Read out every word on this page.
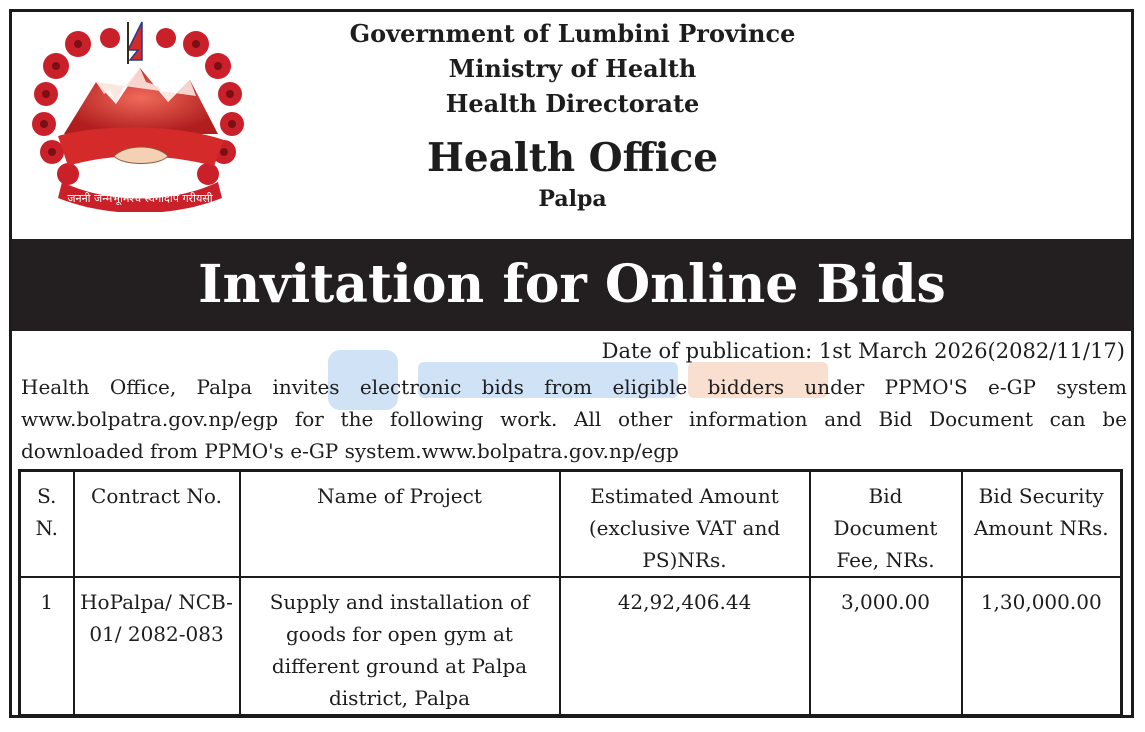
जननी जन्मभूमिश्च स्वर्गादपि गरीयसी
Government of Lumbini Province
Ministry of Health
Health Directorate
Health Office
Palpa
Invitation for Online Bids
Date of publication: 1st March 2026(2082/11/17)
Health Office, Palpa invites electronic bids from eligible bidders under PPMO'S e-GP system
www.bolpatra.gov.np/egp for the following work. All other information and Bid Document can be
downloaded from PPMO's e-GP system.www.bolpatra.gov.np/egp
S. N.	Contract No.	Name of Project	Estimated Amount (exclusive VAT and PS)NRs.	Bid Document Fee, NRs.	Bid Security Amount NRs.
1	HoPalpa/ NCB-01/ 2082-083	Supply and installation of goods for open gym at different ground at Palpa district, Palpa	42,92,406.44	3,000.00	1,30,000.00
